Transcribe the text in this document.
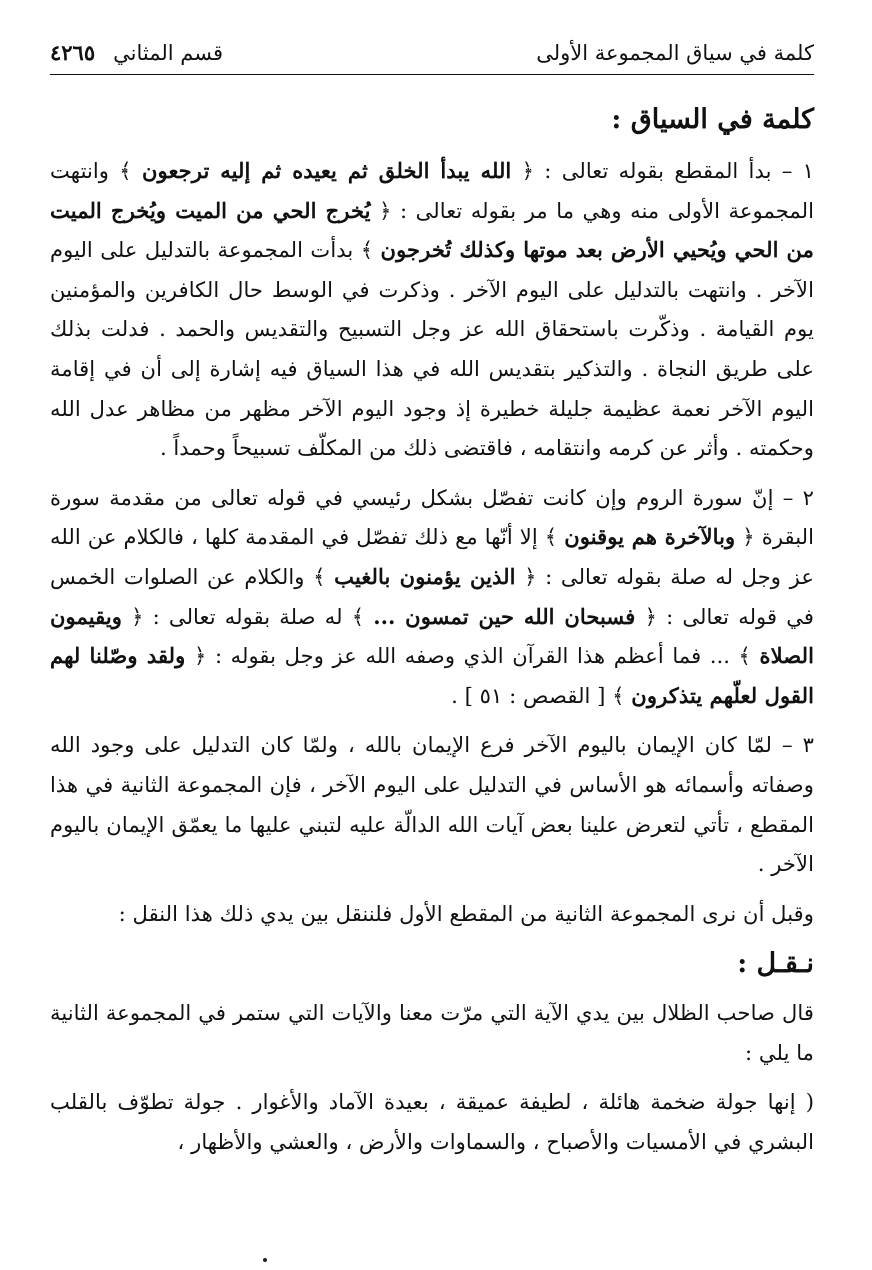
كلمة في سياق المجموعة الأولى
قسم المثاني
٤٢٦٥
كلمة في السياق :

١ – بدأ المقطع بقوله تعالى : ﴿ الله يبدأ الخلق ثم يعيده ثم إليه ترجعون ﴾ وانتهت المجموعة الأولى منه وهي ما مر بقوله تعالى : ﴿ يُخرج الحي من الميت ويُخرج الميت من الحي ويُحيي الأرض بعد موتها وكذلك تُخرجون ﴾ بدأت المجموعة بالتدليل على اليوم الآخر . وانتهت بالتدليل على اليوم الآخر . وذكرت في الوسط حال الكافرين والمؤمنين يوم القيامة . وذكّرت باستحقاق الله عز وجل التسبيح والتقديس والحمد . فدلت بذلك على طريق النجاة . والتذكير بتقديس الله في هذا السياق فيه إشارة إلى أن في إقامة اليوم الآخر نعمة عظيمة جليلة خطيرة إذ وجود اليوم الآخر مظهر من مظاهر عدل الله وحكمته . وأثر عن كرمه وانتقامه ، فاقتضى ذلك من المكلّف تسبيحاً وحمداً .

٢ – إنّ سورة الروم وإن كانت تفصّل بشكل رئيسي في قوله تعالى من مقدمة سورة البقرة ﴿ وبالآخرة هم يوقنون ﴾ إلا أنّها مع ذلك تفصّل في المقدمة كلها ، فالكلام عن الله عز وجل له صلة بقوله تعالى : ﴿ الذين يؤمنون بالغيب ﴾ والكلام عن الصلوات الخمس في قوله تعالى : ﴿ فسبحان الله حين تمسون ... ﴾ له صلة بقوله تعالى : ﴿ ويقيمون الصلاة ﴾ ... فما أعظم هذا القرآن الذي وصفه الله عز وجل بقوله : ﴿ ولقد وصّلنا لهم القول لعلّهم يتذكرون ﴾ [ القصص : ٥١ ] .

٣ – لمّا كان الإيمان باليوم الآخر فرع الإيمان بالله ، ولمّا كان التدليل على وجود الله وصفاته وأسمائه هو الأساس في التدليل على اليوم الآخر ، فإن المجموعة الثانية في هذا المقطع ، تأتي لتعرض علينا بعض آيات الله الدالّة عليه لتبني عليها ما يعمّق الإيمان باليوم الآخر .

وقبل أن نرى المجموعة الثانية من المقطع الأول فلننقل بين يدي ذلك هذا النقل :

نـقـل :

قال صاحب الظلال بين يدي الآية التي مرّت معنا والآيات التي ستمر في المجموعة الثانية ما يلي :

( إنها جولة ضخمة هائلة ، لطيفة عميقة ، بعيدة الآماد والأغوار . جولة تطوّف بالقلب البشري في الأمسيات والأصباح ، والسماوات والأرض ، والعشي والأظهار ،
